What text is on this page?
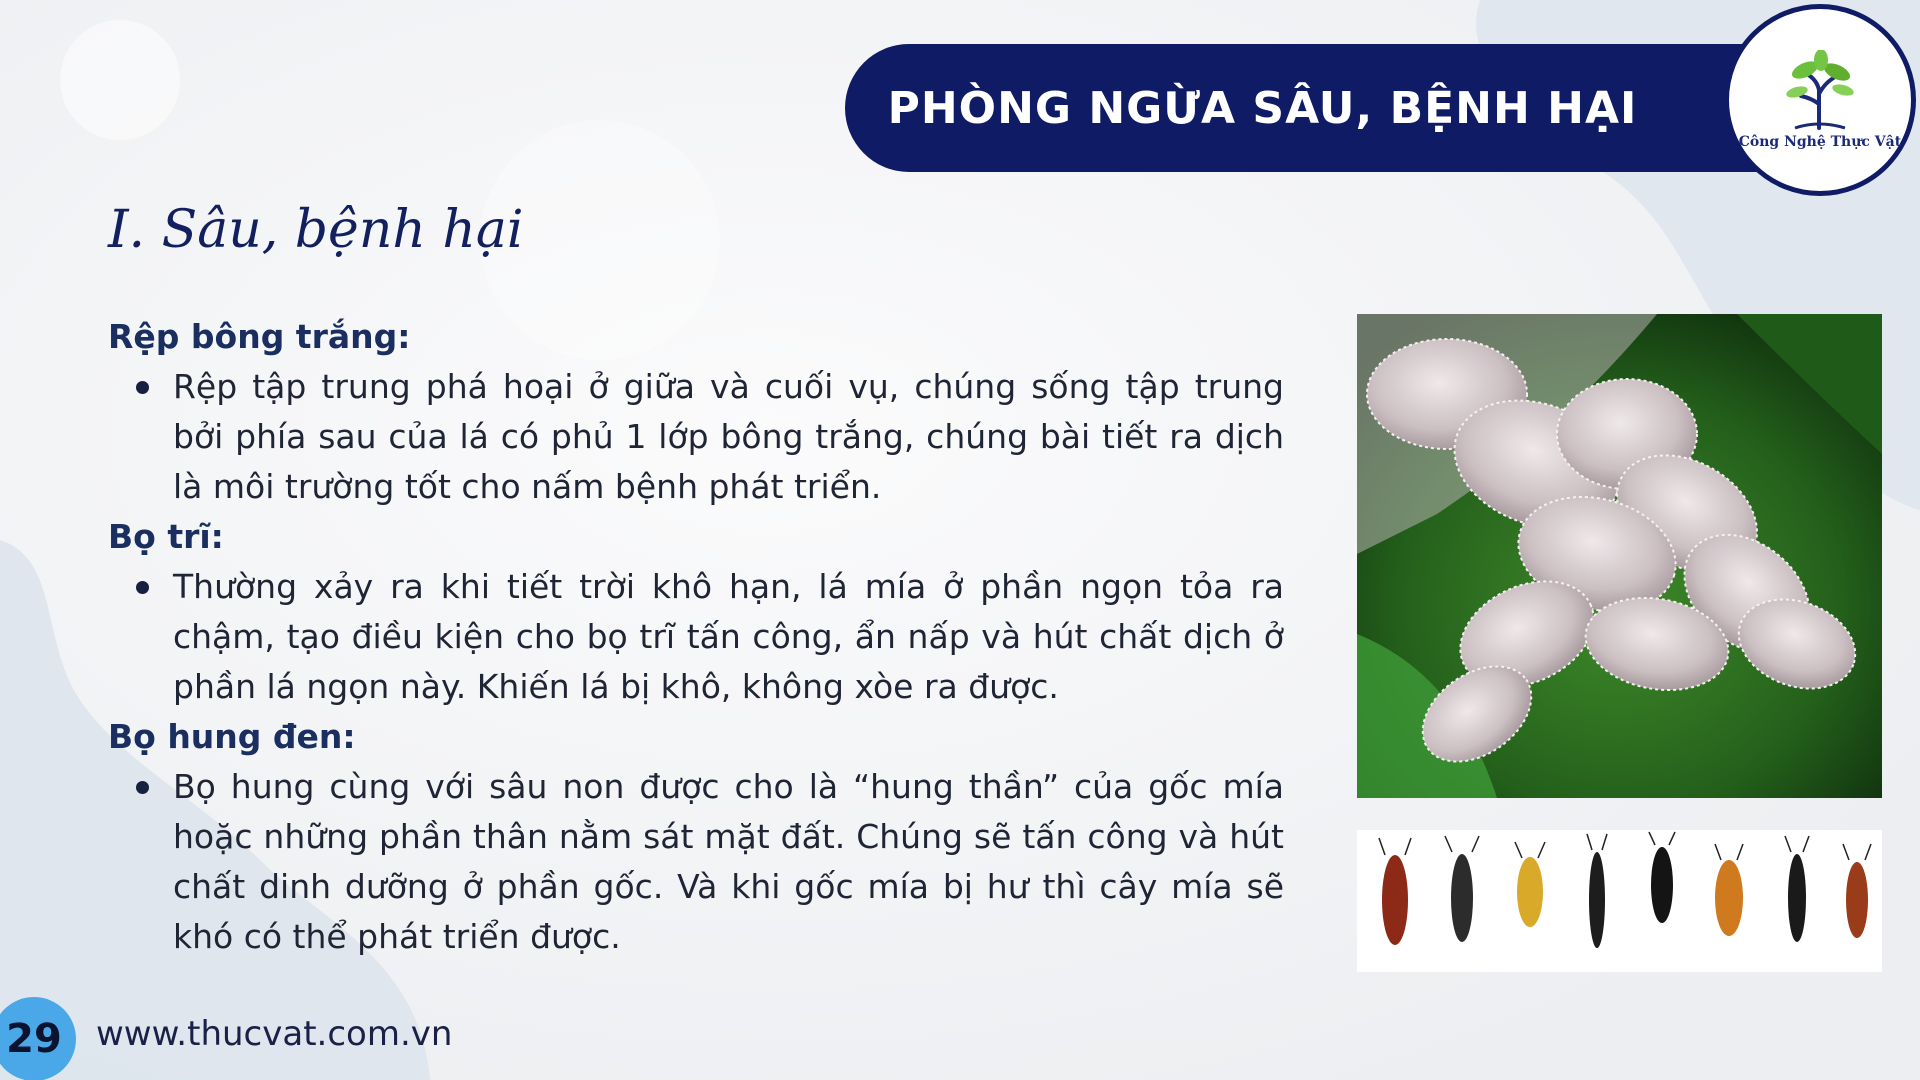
PHÒNG NGỪA SÂU, BỆNH HẠI
Công Nghệ Thực Vật
I. Sâu, bệnh hại
Rệp bông trắng:
Rệp tập trung phá hoại ở giữa và cuối vụ, chúng sống tập trung bởi phía sau của lá có phủ 1 lớp bông trắng, chúng bài tiết ra dịch là môi trường tốt cho nấm bệnh phát triển.
Bọ trĩ:
Thường xảy ra khi tiết trời khô hạn, lá mía ở phần ngọn tỏa ra chậm, tạo điều kiện cho bọ trĩ tấn công, ẩn nấp và hút chất dịch ở phần lá ngọn này. Khiến lá bị khô, không xòe ra được.
Bọ hung đen:
Bọ hung cùng với sâu non được cho là “hung thần” của gốc mía hoặc những phần thân nằm sát mặt đất. Chúng sẽ tấn công và hút chất dinh dưỡng ở phần gốc. Và khi gốc mía bị hư thì cây mía sẽ khó có thể phát triển được.
29 www.thucvat.com.vn
